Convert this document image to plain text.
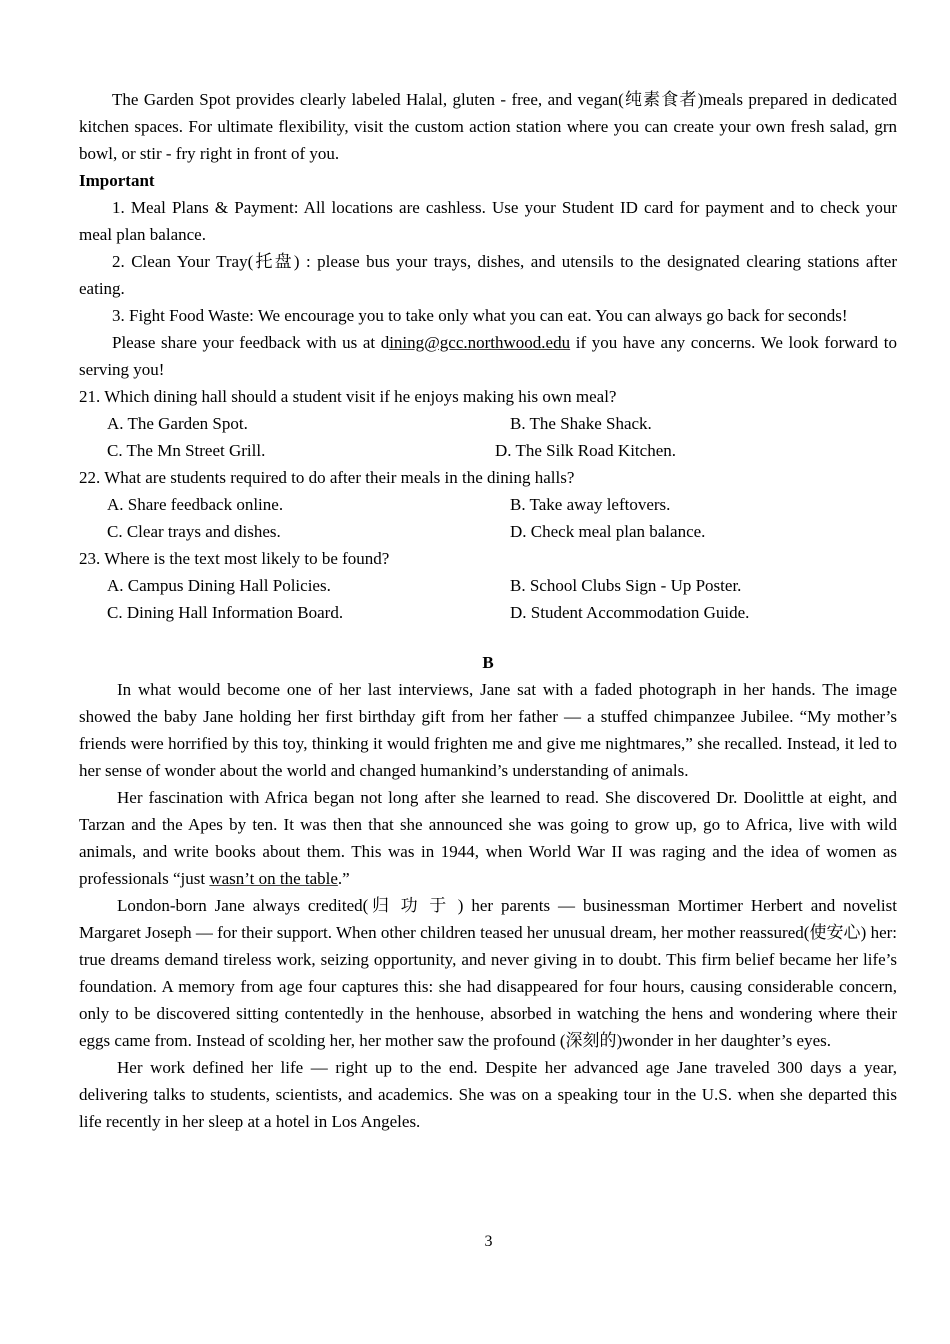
The Garden Spot provides clearly labeled Halal, gluten - free, and vegan(纯素食者)meals prepared in dedicated kitchen spaces. For ultimate flexibility, visit the custom action station where you can create your own fresh salad, grn bowl, or stir - fry right in front of you.

Important

1. Meal Plans & Payment: All locations are cashless. Use your Student ID card for payment and to check your meal plan balance.

2. Clean Your Tray(托盘) : please bus your trays, dishes, and utensils to the designated clearing stations after eating.

3. Fight Food Waste: We encourage you to take only what you can eat. You can always go back for seconds!

Please share your feedback with us at dining@gcc.northwood.edu if you have any concerns. We look forward to serving you!

21. Which dining hall should a student visit if he enjoys making his own meal?

A. The Garden Spot.	B. The Shake Shack.
C. The Mn Street Grill.	D. The Silk Road Kitchen.

22. What are students required to do after their meals in the dining halls?

A. Share feedback online.	B. Take away leftovers.
C. Clear trays and dishes.	D. Check meal plan balance.

23. Where is the text most likely to be found?

A. Campus Dining Hall Policies.	B. School Clubs Sign - Up Poster.
C. Dining Hall Information Board.	D. Student Accommodation Guide.

B

In what would become one of her last interviews, Jane sat with a faded photograph in her hands. The image showed the baby Jane holding her first birthday gift from her father — a stuffed chimpanzee Jubilee. “My mother’s friends were horrified by this toy, thinking it would frighten me and give me nightmares,” she recalled. Instead, it led to her sense of wonder about the world and changed humankind’s understanding of animals.

Her fascination with Africa began not long after she learned to read. She discovered Dr. Doolittle at eight, and Tarzan and the Apes by ten. It was then that she announced she was going to grow up, go to Africa, live with wild animals, and write books about them. This was in 1944, when World War II was raging and the idea of women as professionals “just wasn’t on the table.”

London-born Jane always credited(归 功 于 ) her parents — businessman Mortimer Herbert and novelist Margaret Joseph — for their support. When other children teased her unusual dream, her mother reassured(使安心) her: true dreams demand tireless work, seizing opportunity, and never giving in to doubt. This firm belief became her life’s foundation. A memory from age four captures this: she had disappeared for four hours, causing considerable concern, only to be discovered sitting contentedly in the henhouse, absorbed in watching the hens and wondering where their eggs came from. Instead of scolding her, her mother saw the profound (深刻的)wonder in her daughter’s eyes.

Her work defined her life — right up to the end. Despite her advanced age Jane traveled 300 days a year, delivering talks to students, scientists, and academics. She was on a speaking tour in the U.S. when she departed this life recently in her sleep at a hotel in Los Angeles.

3
